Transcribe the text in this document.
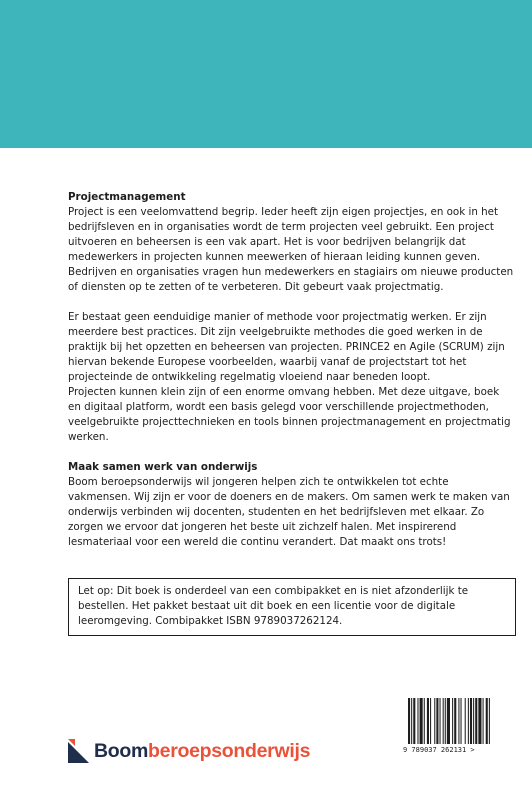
Projectmanagement

Project is een veelomvattend begrip. Ieder heeft zijn eigen projectjes, en ook in het bedrijfsleven en in organisaties wordt de term projecten veel gebruikt. Een project uitvoeren en beheersen is een vak apart. Het is voor bedrijven belangrijk dat medewerkers in projecten kunnen meewerken of hieraan leiding kunnen geven. Bedrijven en organisaties vragen hun medewerkers en stagiairs om nieuwe producten of diensten op te zetten of te verbeteren. Dit gebeurt vaak projectmatig.

Er bestaat geen eenduidige manier of methode voor projectmatig werken. Er zijn meerdere best practices. Dit zijn veelgebruikte methodes die goed werken in de praktijk bij het opzetten en beheersen van projecten. PRINCE2 en Agile (SCRUM) zijn hiervan bekende Europese voorbeelden, waarbij vanaf de projectstart tot het projecteinde de ontwikkeling regelmatig vloeiend naar beneden loopt.

Projecten kunnen klein zijn of een enorme omvang hebben. Met deze uitgave, boek en digitaal platform, wordt een basis gelegd voor verschillende projectmethoden, veelgebruikte projecttechnieken en tools binnen projectmanagement en projectmatig werken.

Maak samen werk van onderwijs

Boom beroepsonderwijs wil jongeren helpen zich te ontwikkelen tot echte vakmensen. Wij zijn er voor de doeners en de makers. Om samen werk te maken van onderwijs verbinden wij docenten, studenten en het bedrijfsleven met elkaar. Zo zorgen we ervoor dat jongeren het beste uit zichzelf halen. Met inspirerend lesmateriaal voor een wereld die continu verandert. Dat maakt ons trots!

Let op: Dit boek is onderdeel van een combipakket en is niet afzonderlijk te bestellen. Het pakket bestaat uit dit boek en een licentie voor de digitale leeromgeving. Combipakket ISBN 9789037262124.

Boomberoepsonderwijs	9 789037 262131 >
